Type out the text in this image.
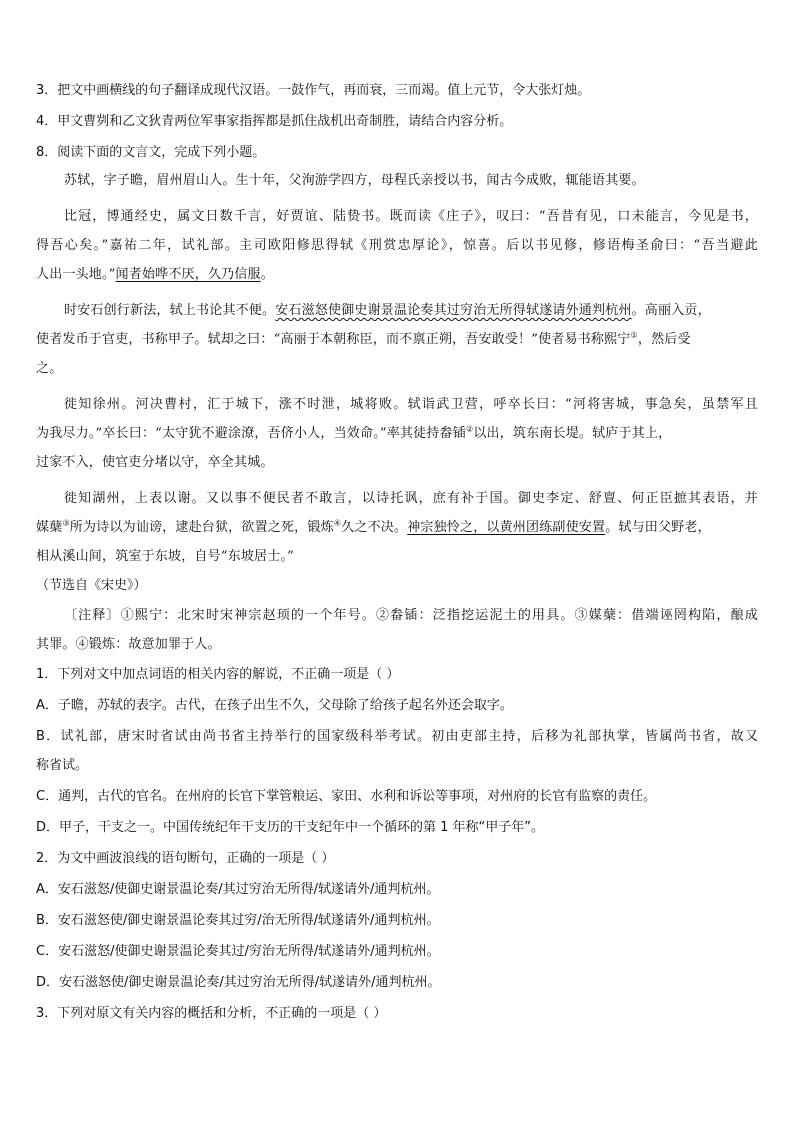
3．把文中画横线的句子翻译成现代汉语。一鼓作气，再而衰，三而竭。值上元节，令大张灯烛。

4．甲文曹刿和乙文狄青两位军事家指挥都是抓住战机出奇制胜，请结合内容分析。

8．阅读下面的文言文，完成下列小题。

苏轼，字子瞻，眉州眉山人。生十年，父洵游学四方，母程氏亲授以书，闻古今成败，辄能语其要。

比冠，博通经史，属文日数千言，好贾谊、陆贽书。既而读《庄子》，叹曰：“吾昔有见，口未能言，今见是书，

得吾心矣。”嘉祐二年，试礼部。主司欧阳修思得轼《刑赏忠厚论》，惊喜。后以书见修，修语梅圣俞曰：“吾当避此

人出一头地。”闻者始哗不厌，久乃信服。

时安石创行新法，轼上书论其不便。安石滋怒使御史谢景温论奏其过穷治无所得轼遂请外通判杭州。高丽入贡，

使者发币于官吏，书称甲子。轼却之曰：“高丽于本朝称臣，而不禀正朔，吾安敢受！”使者易书称熙宁①，然后受

之。

徙知徐州。河决曹村，汇于城下，涨不时泄，城将败。轼诣武卫营，呼卒长曰：“河将害城，事急矣，虽禁军且

为我尽力。”卒长曰：“太守犹不避涂潦，吾侪小人，当效命。”率其徒持畚锸②以出，筑东南长堤。轼庐于其上，

过家不入，使官吏分堵以守，卒全其城。

徙知湖州，上表以谢。又以事不便民者不敢言，以诗托讽，庶有补于国。御史李定、舒亶、何正臣摭其表语，并

媒蘖③所为诗以为讪谤，逮赴台狱，欲置之死，锻炼④久之不决。神宗独怜之，以黄州团练副使安置。轼与田父野老，

相从溪山间，筑室于东坡，自号“东坡居士。”

（节选自《宋史》）

〔注释〕①熙宁：北宋时宋神宗赵顼的一个年号。②畚锸：泛指挖运泥土的用具。③媒蘖：借端诬罔构陷，酿成

其罪。④锻炼：故意加罪于人。

1．下列对文中加点词语的相关内容的解说，不正确一项是（ ）

A．子瞻，苏轼的表字。古代，在孩子出生不久，父母除了给孩子起名外还会取字。

B．试礼部，唐宋时省试由尚书省主持举行的国家级科举考试。初由吏部主持，后移为礼部执掌，皆属尚书省，故又

称省试。

C．通判，古代的官名。在州府的长官下掌管粮运、家田、水利和诉讼等事项，对州府的长官有监察的责任。

D．甲子，干支之一。中国传统纪年干支历的干支纪年中一个循环的第 1 年称“甲子年”。

2．为文中画波浪线的语句断句，正确的一项是（ ）

A．安石滋怒/使御史谢景温论奏/其过穷治无所得/轼遂请外/通判杭州。

B．安石滋怒使/御史谢景温论奏其过穷/治无所得/轼遂请外/通判杭州。

C．安石滋怒/使御史谢景温论奏其过/穷治无所得/轼遂请外/通判杭州。

D．安石滋怒使/御史谢景温论奏/其过穷治无所得/轼遂请外/通判杭州。

3．下列对原文有关内容的概括和分析，不正确的一项是（ ）
